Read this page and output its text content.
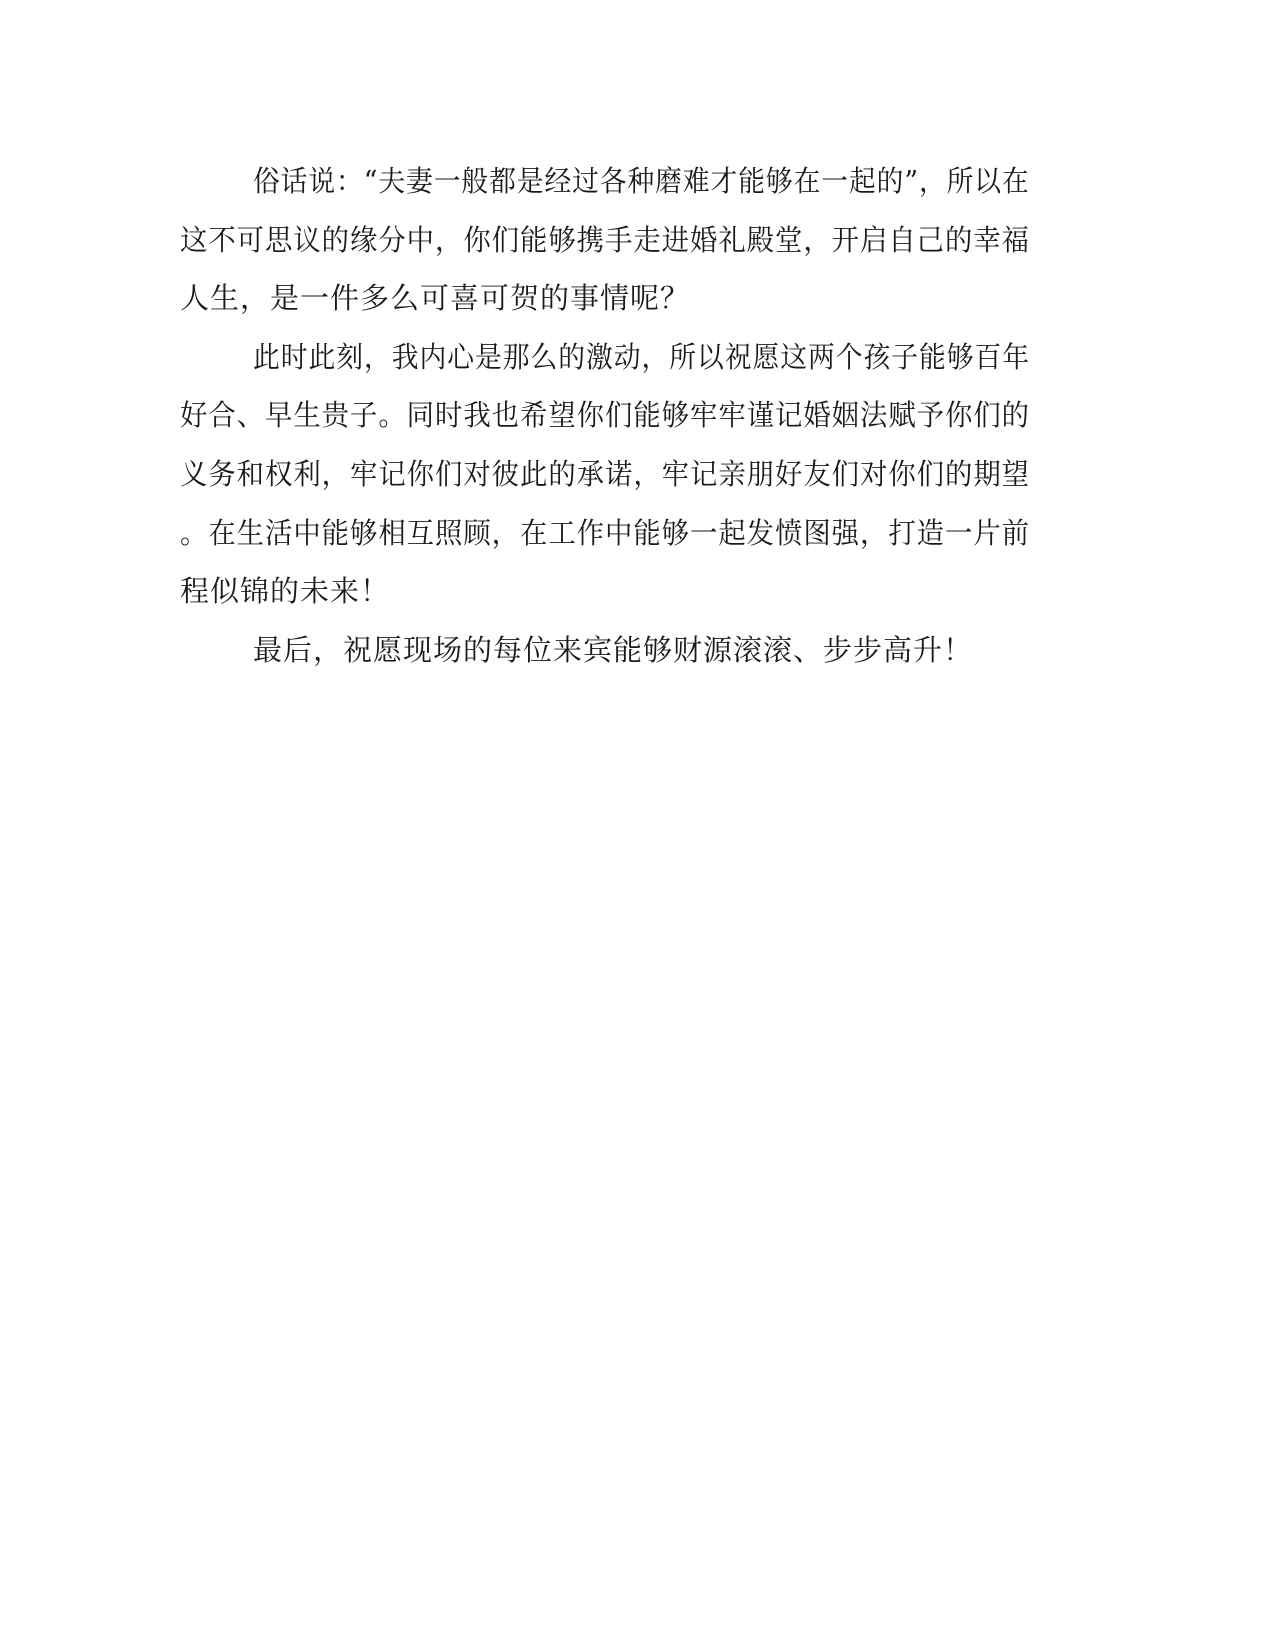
俗话说：“夫妻一般都是经过各种磨难才能够在一起的”，所以在
这不可思议的缘分中，你们能够携手走进婚礼殿堂，开启自己的幸福
人生，是一件多么可喜可贺的事情呢？
此时此刻，我内心是那么的激动，所以祝愿这两个孩子能够百年
好合、早生贵子。同时我也希望你们能够牢牢谨记婚姻法赋予你们的
义务和权利，牢记你们对彼此的承诺，牢记亲朋好友们对你们的期望
。在生活中能够相互照顾，在工作中能够一起发愤图强，打造一片前
程似锦的未来！
最后，祝愿现场的每位来宾能够财源滚滚、步步高升！
